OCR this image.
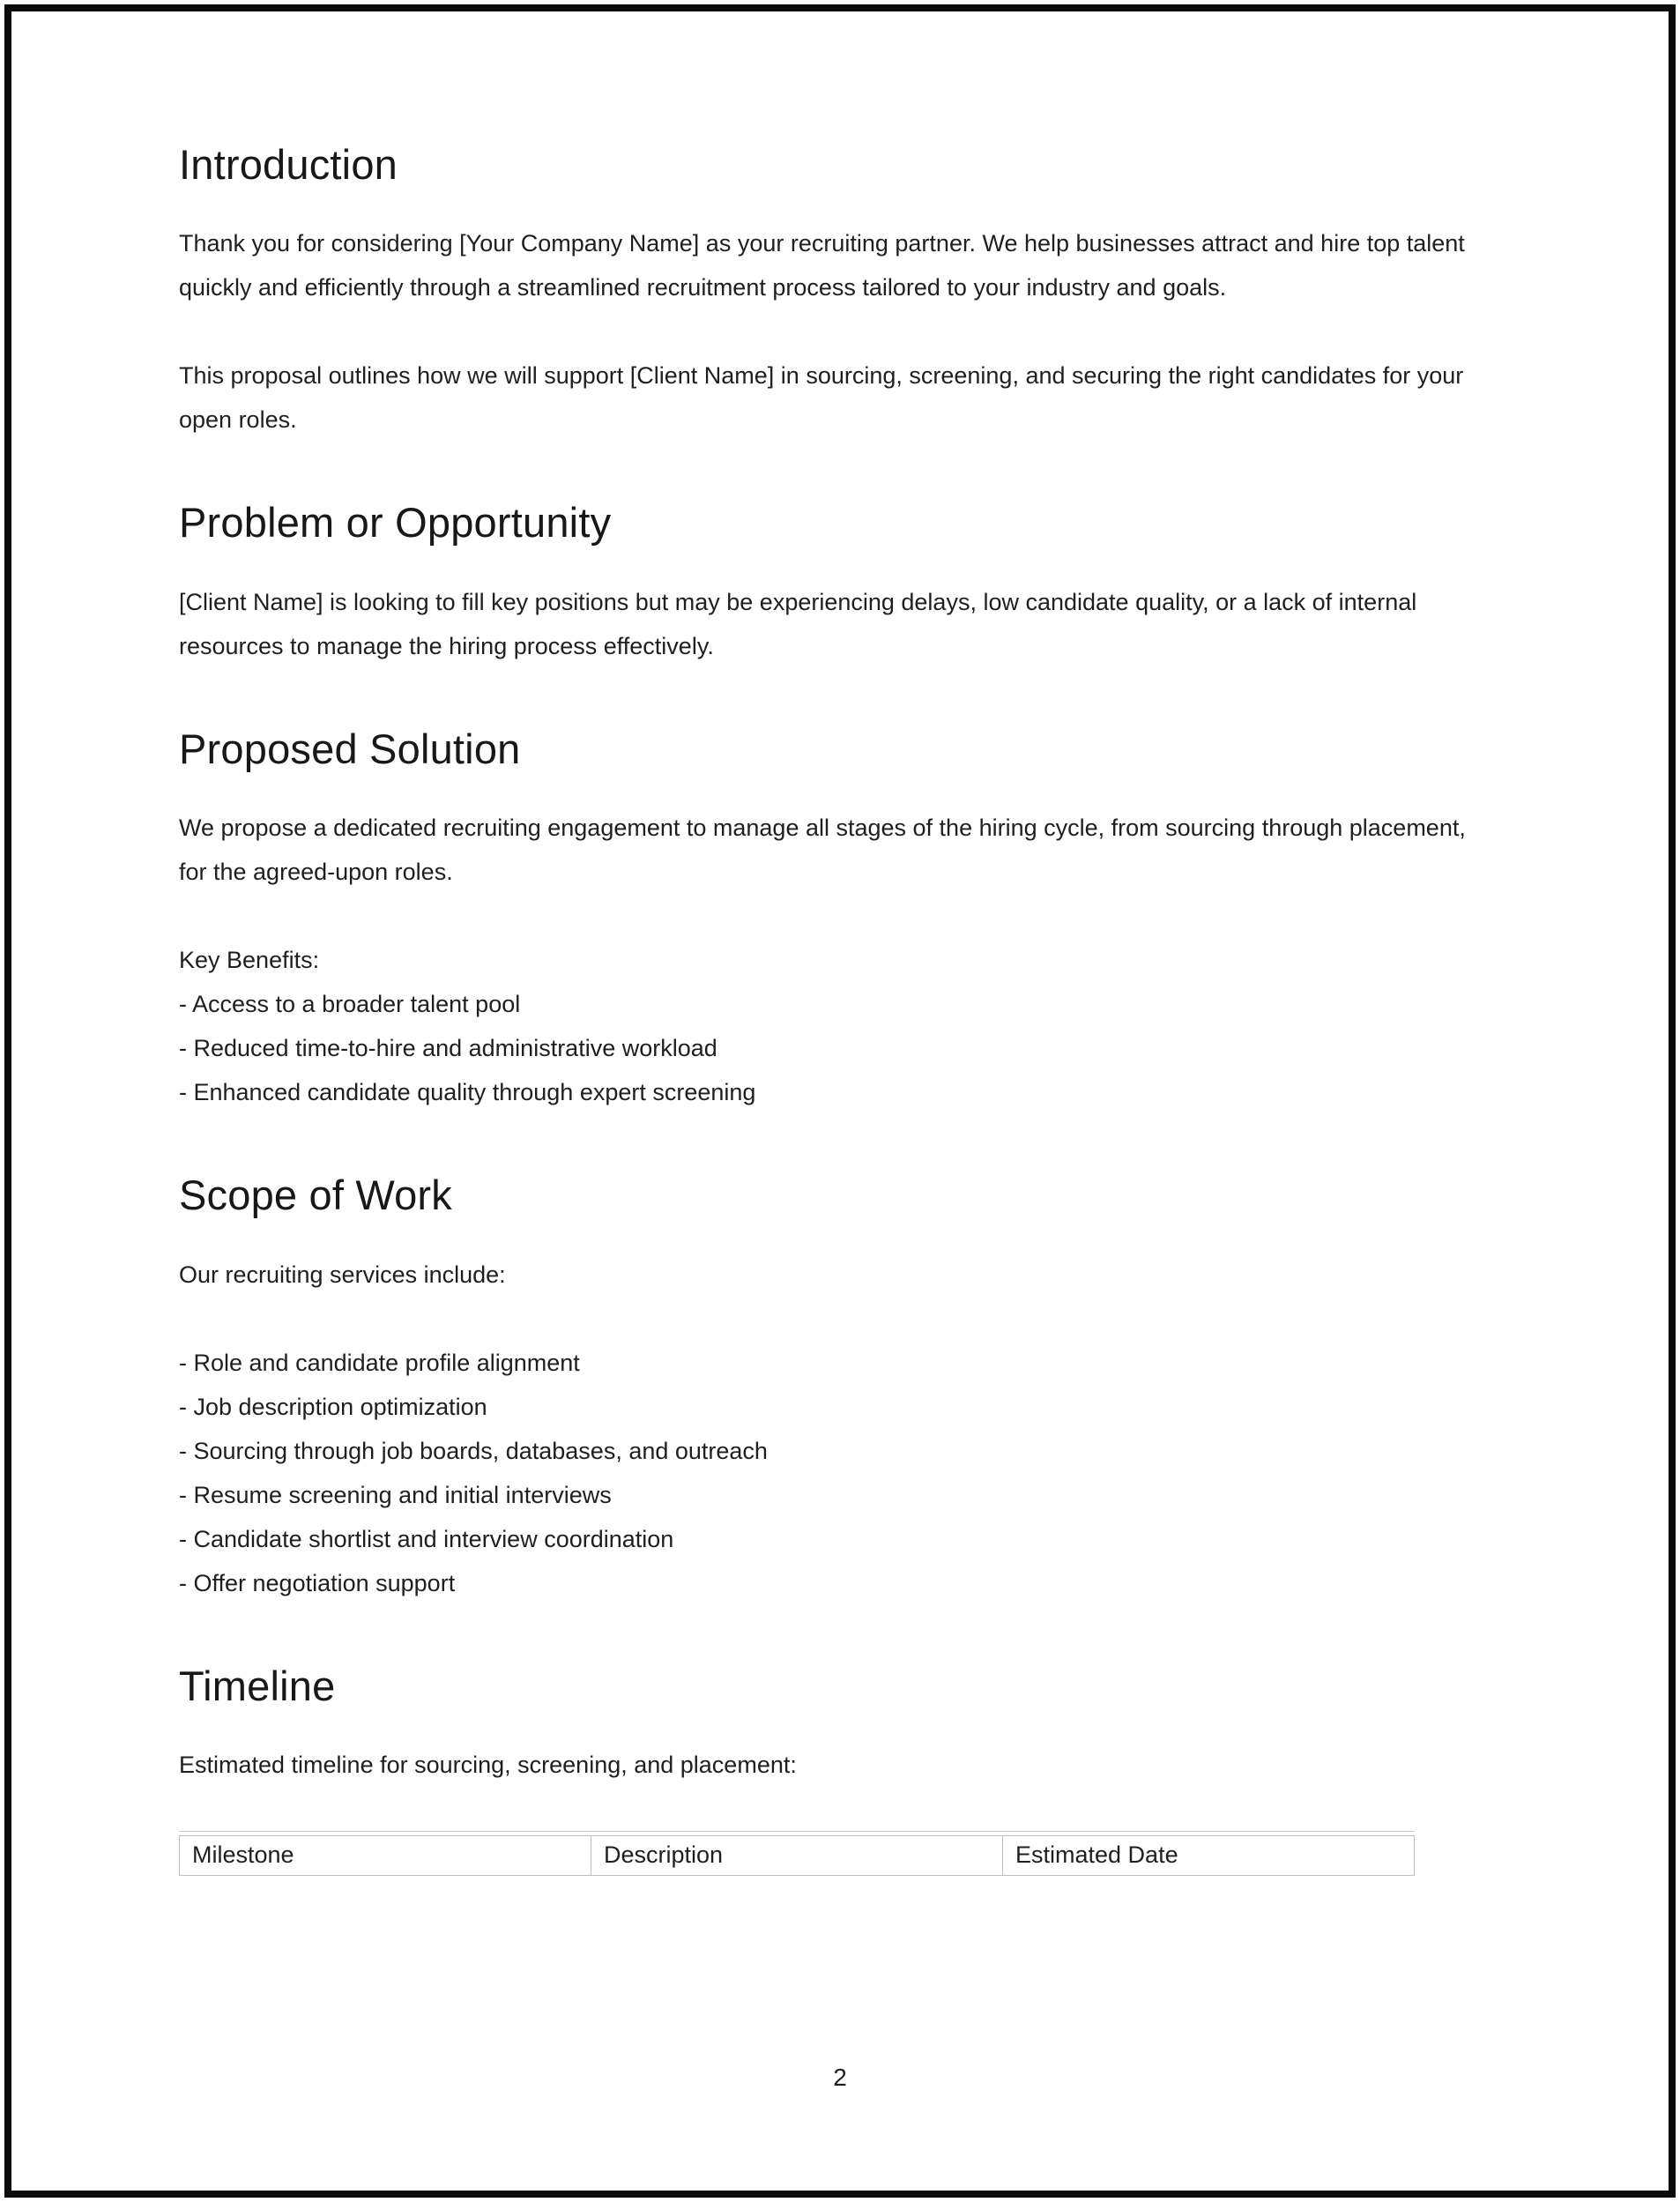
Introduction

Thank you for considering [Your Company Name] as your recruiting partner. We help businesses attract and hire top talent quickly and efficiently through a streamlined recruitment process tailored to your industry and goals.

This proposal outlines how we will support [Client Name] in sourcing, screening, and securing the right candidates for your open roles.

Problem or Opportunity

[Client Name] is looking to fill key positions but may be experiencing delays, low candidate quality, or a lack of internal resources to manage the hiring process effectively.

Proposed Solution

We propose a dedicated recruiting engagement to manage all stages of the hiring cycle, from sourcing through placement, for the agreed-upon roles.

Key Benefits:
- Access to a broader talent pool
- Reduced time-to-hire and administrative workload
- Enhanced candidate quality through expert screening
Scope of Work

Our recruiting services include:

- Role and candidate profile alignment
- Job description optimization
- Sourcing through job boards, databases, and outreach
- Resume screening and initial interviews
- Candidate shortlist and interview coordination
- Offer negotiation support
Timeline

Estimated timeline for sourcing, screening, and placement:

Milestone	Description	Estimated Date
2
